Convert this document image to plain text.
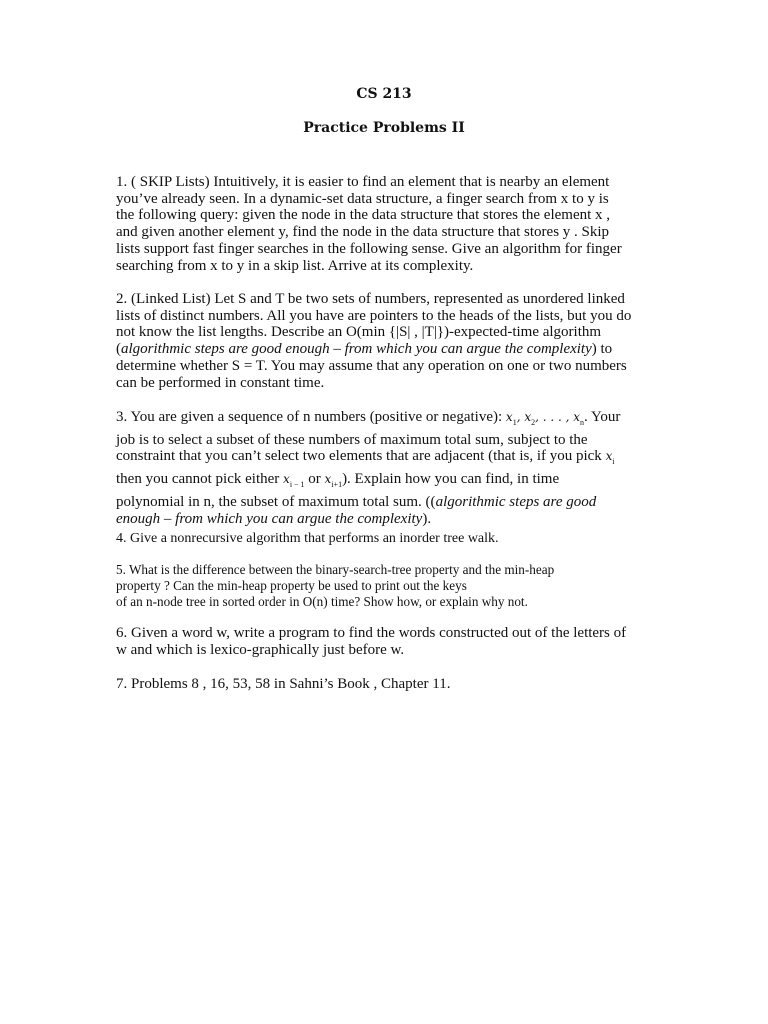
CS 213
Practice Problems II
1. ( SKIP Lists) Intuitively, it is easier to find an element that is nearby an element
you’ve already seen. In a dynamic-set data structure, a finger search from x to y is
the following query: given the node in the data structure that stores the element x ,
and given another element y, find the node in the data structure that stores y . Skip
lists support fast finger searches in the following sense. Give an algorithm for finger
searching from x to y in a skip list. Arrive at its complexity.
2. (Linked List) Let S and T be two sets of numbers, represented as unordered linked
lists of distinct numbers. All you have are pointers to the heads of the lists, but you do
not know the list lengths. Describe an O(min {|S| , |T|})-expected-time algorithm
(algorithmic steps are good enough – from which you can argue the complexity) to
determine whether S = T. You may assume that any operation on one or two numbers
can be performed in constant time.
3. You are given a sequence of n numbers (positive or negative): $x_1$, $x_2$, . . . , $x_n$. Your
job is to select a subset of these numbers of maximum total sum, subject to the
constraint that you can’t select two elements that are adjacent (that is, if you pick $x_i$
then you cannot pick either $x_{i - 1}$ or $x_{i+1}$). Explain how you can find, in time
polynomial in n, the subset of maximum total sum. ((algorithmic steps are good
enough – from which you can argue the complexity).
4. Give a nonrecursive algorithm that performs an inorder tree walk.
5. What is the difference between the binary-search-tree property and the min-heap
property ? Can the min-heap property be used to print out the keys
of an n-node tree in sorted order in O(n) time? Show how, or explain why not.
6. Given a word w, write a program to find the words constructed out of the letters of
w and which is lexico-graphically just before w.
7. Problems 8 , 16, 53, 58 in Sahni’s Book , Chapter 11.
